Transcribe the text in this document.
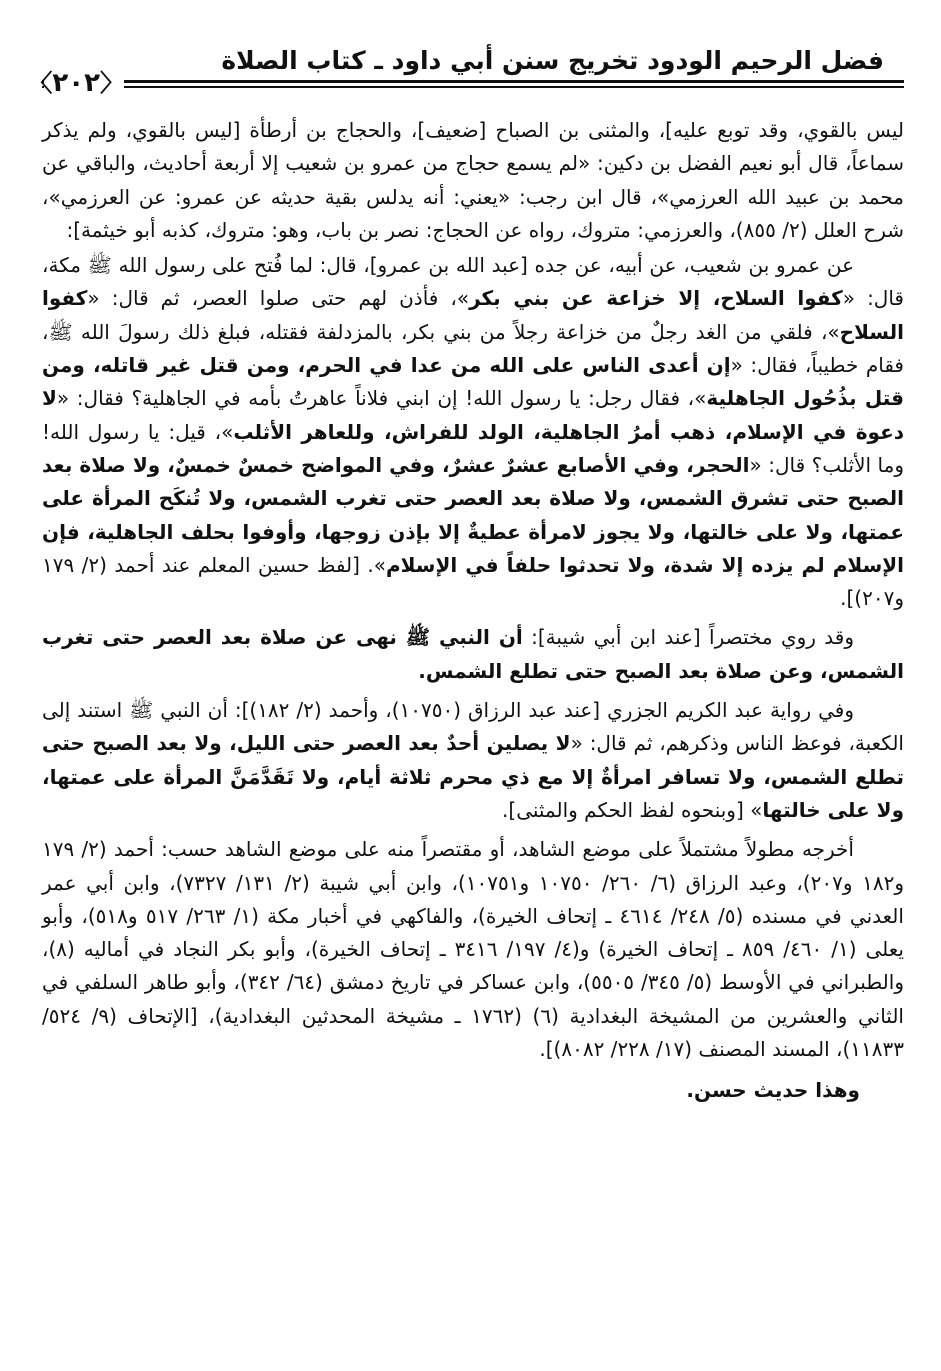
فضل الرحيم الودود تخريج سنن أبي داود ـ كتاب الصلاة
〈٢٠٢〉
ليس بالقوي، وقد توبع عليه]، والمثنى بن الصباح [ضعيف]، والحجاج بن أرطأة [ليس بالقوي، ولم يذكر سماعاً، قال أبو نعيم الفضل بن دكين: «لم يسمع حجاج من عمرو بن شعيب إلا أربعة أحاديث، والباقي عن محمد بن عبيد الله العرزمي»، قال ابن رجب: «يعني: أنه يدلس بقية حديثه عن عمرو: عن العرزمي»، شرح العلل (٢/ ٨٥٥)، والعرزمي: متروك، رواه عن الحجاج: نصر بن باب، وهو: متروك، كذبه أبو خيثمة]:
عن عمرو بن شعيب، عن أبيه، عن جده [عبد الله بن عمرو]، قال: لما فُتح على رسول الله ﷺ مكة، قال: «كفوا السلاح، إلا خزاعة عن بني بكر»، فأذن لهم حتى صلوا العصر، ثم قال: «كفوا السلاح»، فلقي من الغد رجلٌ من خزاعة رجلاً من بني بكر، بالمزدلفة فقتله، فبلغ ذلك رسولَ الله ﷺ، فقام خطيباً، فقال: «إن أعدى الناس على الله من عدا في الحرم، ومن قتل غير قاتله، ومن قتل بذُحُول الجاهلية»، فقال رجل: يا رسول الله! إن ابني فلاناً عاهرتُ بأمه في الجاهلية؟ فقال: «لا دعوة في الإسلام، ذهب أمرُ الجاهلية، الولد للفراش، وللعاهر الأثلب»، قيل: يا رسول الله! وما الأثلب؟ قال: «الحجر، وفي الأصابع عشرٌ عشرٌ، وفي المواضح خمسٌ خمسٌ، ولا صلاة بعد الصبح حتى تشرق الشمس، ولا صلاة بعد العصر حتى تغرب الشمس، ولا تُنكَح المرأة على عمتها، ولا على خالتها، ولا يجوز لامرأة عطيةٌ إلا بإذن زوجها، وأوفوا بحلف الجاهلية، فإن الإسلام لم يزده إلا شدة، ولا تحدثوا حلفاً في الإسلام». [لفظ حسين المعلم عند أحمد (٢/ ١٧٩ و٢٠٧)].
وقد روي مختصراً [عند ابن أبي شيبة]: أن النبي ﷺ نهى عن صلاة بعد العصر حتى تغرب الشمس، وعن صلاة بعد الصبح حتى تطلع الشمس.
وفي رواية عبد الكريم الجزري [عند عبد الرزاق (١٠٧٥٠)، وأحمد (٢/ ١٨٢)]: أن النبي ﷺ استند إلى الكعبة، فوعظ الناس وذكرهم، ثم قال: «لا يصلين أحدٌ بعد العصر حتى الليل، ولا بعد الصبح حتى تطلع الشمس، ولا تسافر امرأةٌ إلا مع ذي محرم ثلاثة أيام، ولا تَقَدَّمَنَّ المرأة على عمتها، ولا على خالتها» [وبنحوه لفظ الحكم والمثنى].
أخرجه مطولاً مشتملاً على موضع الشاهد، أو مقتصراً منه على موضع الشاهد حسب: أحمد (٢/ ١٧٩ و١٨٢ و٢٠٧)، وعبد الرزاق (٦/ ٢٦٠/ ١٠٧٥٠ و١٠٧٥١)، وابن أبي شيبة (٢/ ١٣١/ ٧٣٢٧)، وابن أبي عمر العدني في مسنده (٥/ ٢٤٨/ ٤٦١٤ ـ إتحاف الخيرة)، والفاكهي في أخبار مكة (١/ ٢٦٣/ ٥١٧ و٥١٨)، وأبو يعلى (١/ ٤٦٠/ ٨٥٩ ـ إتحاف الخيرة) و(٤/ ١٩٧/ ٣٤١٦ ـ إتحاف الخيرة)، وأبو بكر النجاد في أماليه (٨)، والطبراني في الأوسط (٥/ ٣٤٥/ ٥٥٠٥)، وابن عساكر في تاريخ دمشق (٦٤/ ٣٤٢)، وأبو طاهر السلفي في الثاني والعشرين من المشيخة البغدادية (٦) (١٧٦٢ ـ مشيخة المحدثين البغدادية)، [الإتحاف (٩/ ٥٢٤/ ١١٨٣٣)، المسند المصنف (١٧/ ٢٢٨/ ٨٠٨٢)].
وهذا حديث حسن.
